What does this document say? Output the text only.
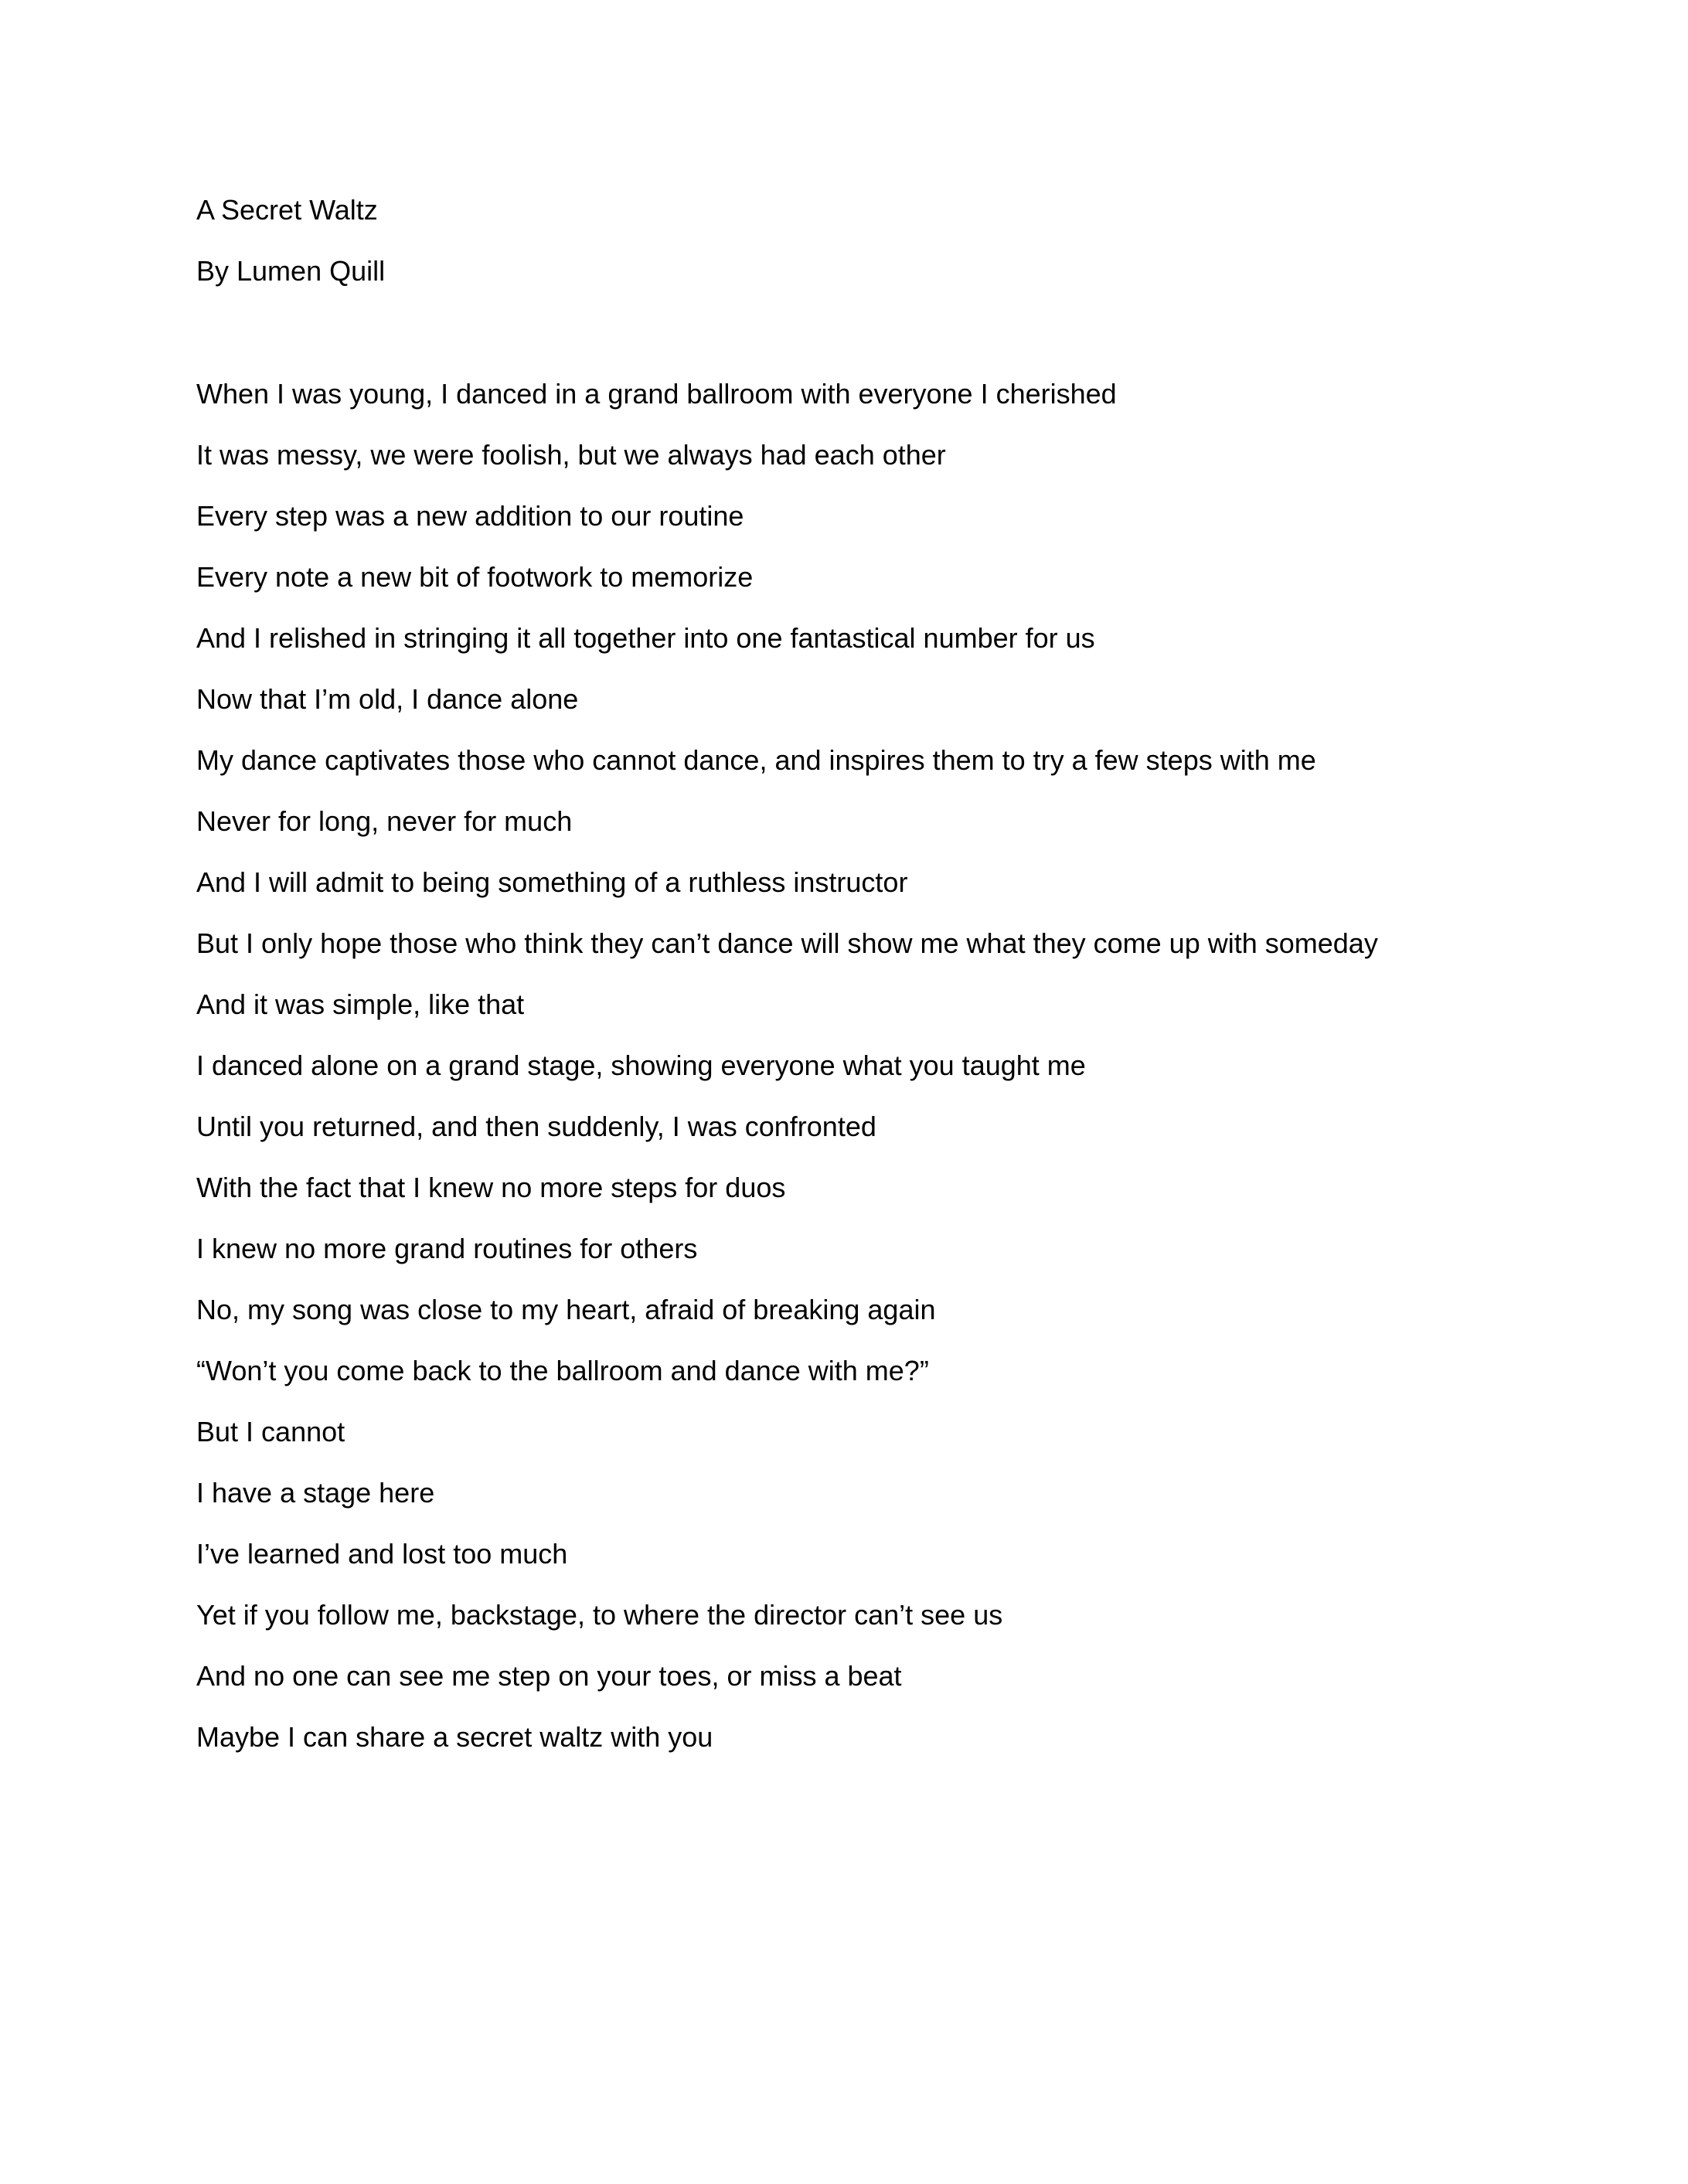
A Secret Waltz

By Lumen Quill

When I was young, I danced in a grand ballroom with everyone I cherished

It was messy, we were foolish, but we always had each other

Every step was a new addition to our routine

Every note a new bit of footwork to memorize

And I relished in stringing it all together into one fantastical number for us

Now that I’m old, I dance alone

My dance captivates those who cannot dance, and inspires them to try a few steps with me

Never for long, never for much

And I will admit to being something of a ruthless instructor

But I only hope those who think they can’t dance will show me what they come up with someday

And it was simple, like that

I danced alone on a grand stage, showing everyone what you taught me

Until you returned, and then suddenly, I was confronted

With the fact that I knew no more steps for duos

I knew no more grand routines for others

No, my song was close to my heart, afraid of breaking again

“Won’t you come back to the ballroom and dance with me?”

But I cannot

I have a stage here

I’ve learned and lost too much

Yet if you follow me, backstage, to where the director can’t see us

And no one can see me step on your toes, or miss a beat

Maybe I can share a secret waltz with you
